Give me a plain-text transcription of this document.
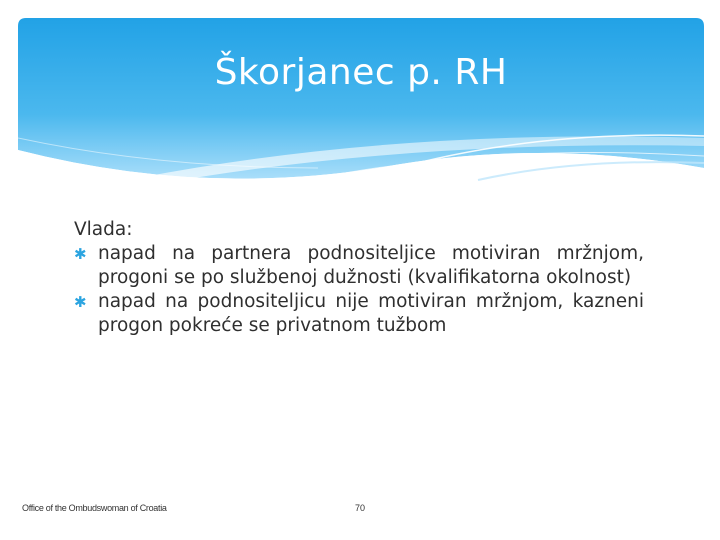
Škorjanec p. RH

Vlada:

✱ napad na partnera podnositeljice motiviran mržnjom, progoni se po službenoj dužnosti (kvalifikatorna okolnost)

✱ napad na podnositeljicu nije motiviran mržnjom, kazneni progon pokreće se privatnom tužbom

Office of the Ombudswoman of Croatia	70
